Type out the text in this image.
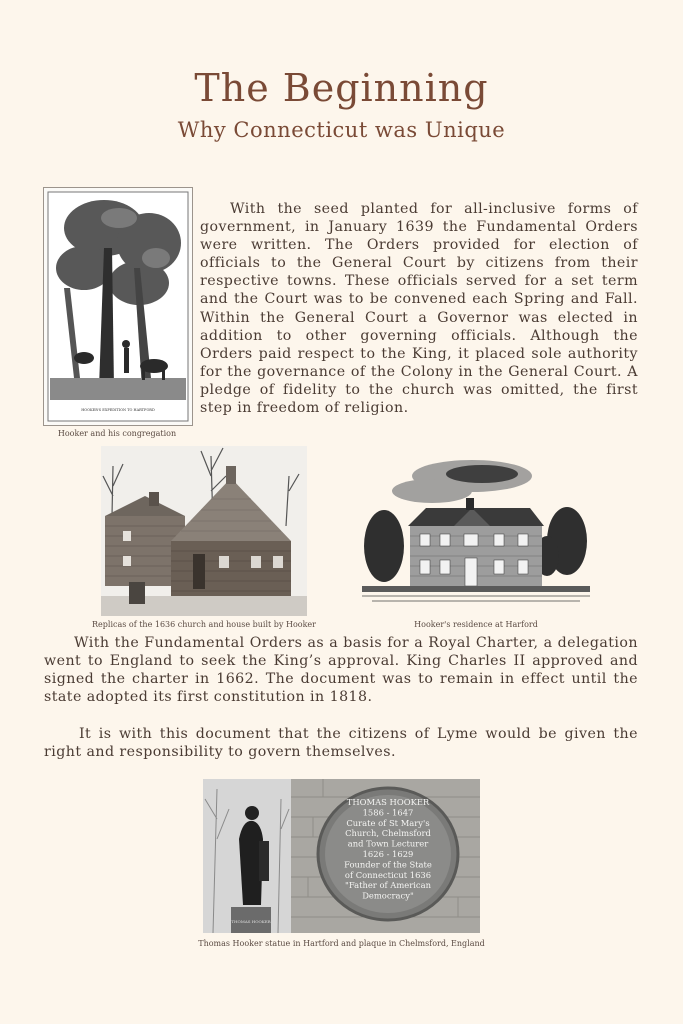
The Beginning
Why Connecticut was Unique
HOOKER'S EXPEDITION TO HARTFORD
Hooker and his congregation

With the seed planted for all-inclusive forms of government, in January 1639 the Fundamental Orders were written. The Orders provided for election of officials to the General Court by citizens from their respective towns. These officials served for a set term and the Court was to be convened each Spring and Fall. Within the General Court a Governor was elected in addition to other governing officials. Although the Orders paid respect to the King, it placed sole authority for the governance of the Colony in the General Court. A pledge of fidelity to the church was omitted, the first step in freedom of religion.

Replicas of the 1636 church and house built by Hooker	Hooker's residence at Harford

With the Fundamental Orders as a basis for a Royal Charter, a delegation went to England to seek the King’s approval. King Charles II approved and signed the charter in 1662. The document was to remain in effect until the state adopted its first constitution in 1818.

It is with this document that the citizens of Lyme would be given the right and responsibility to govern themselves.

THOMAS HOOKER
THOMAS HOOKER
1586 - 1647
Curate of St Mary's
Church, Chelmsford
and Town Lecturer
1626 - 1629
Founder of the State
of Connecticut 1636
"Father of American
Democracy"
Thomas Hooker statue in Hartford and plaque in Chelmsford, England
